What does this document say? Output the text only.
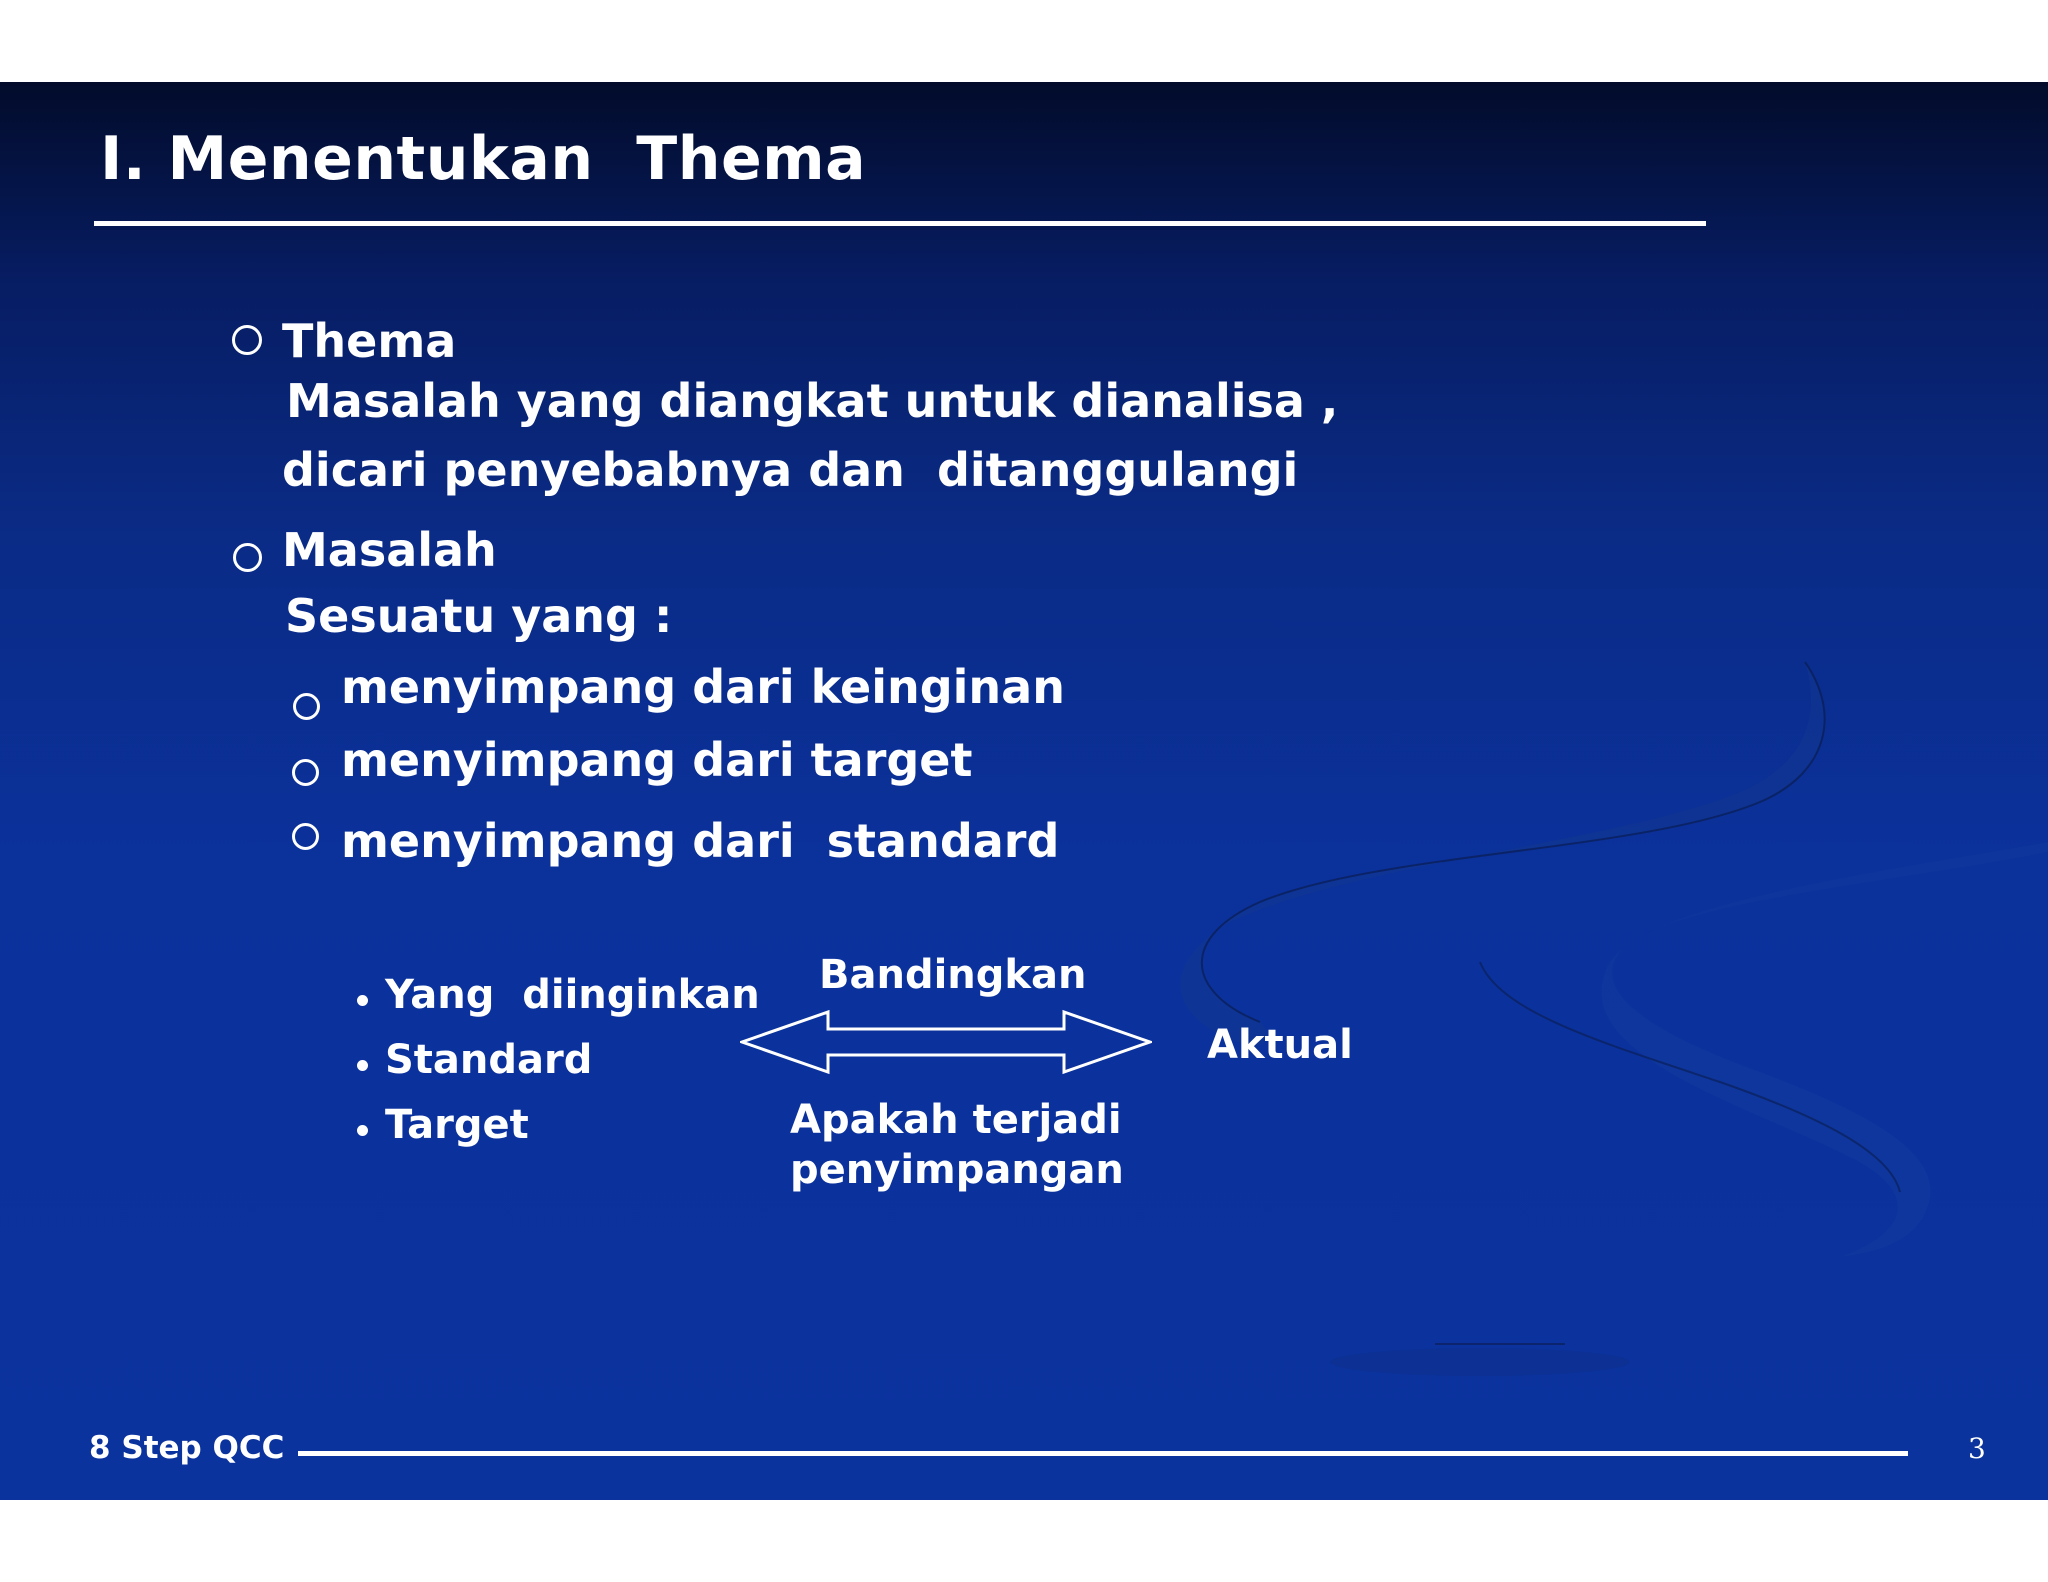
I. Menentukan  Thema
Thema
Masalah yang diangkat untuk dianalisa ,
dicari penyebabnya dan  ditanggulangi
Masalah
Sesuatu yang :
menyimpang dari keinginan
menyimpang dari target
menyimpang dari  standard
Yang  diinginkan
Standard
Target
Bandingkan
Aktual
Apakah terjadi
penyimpangan
8 Step QCC	3
